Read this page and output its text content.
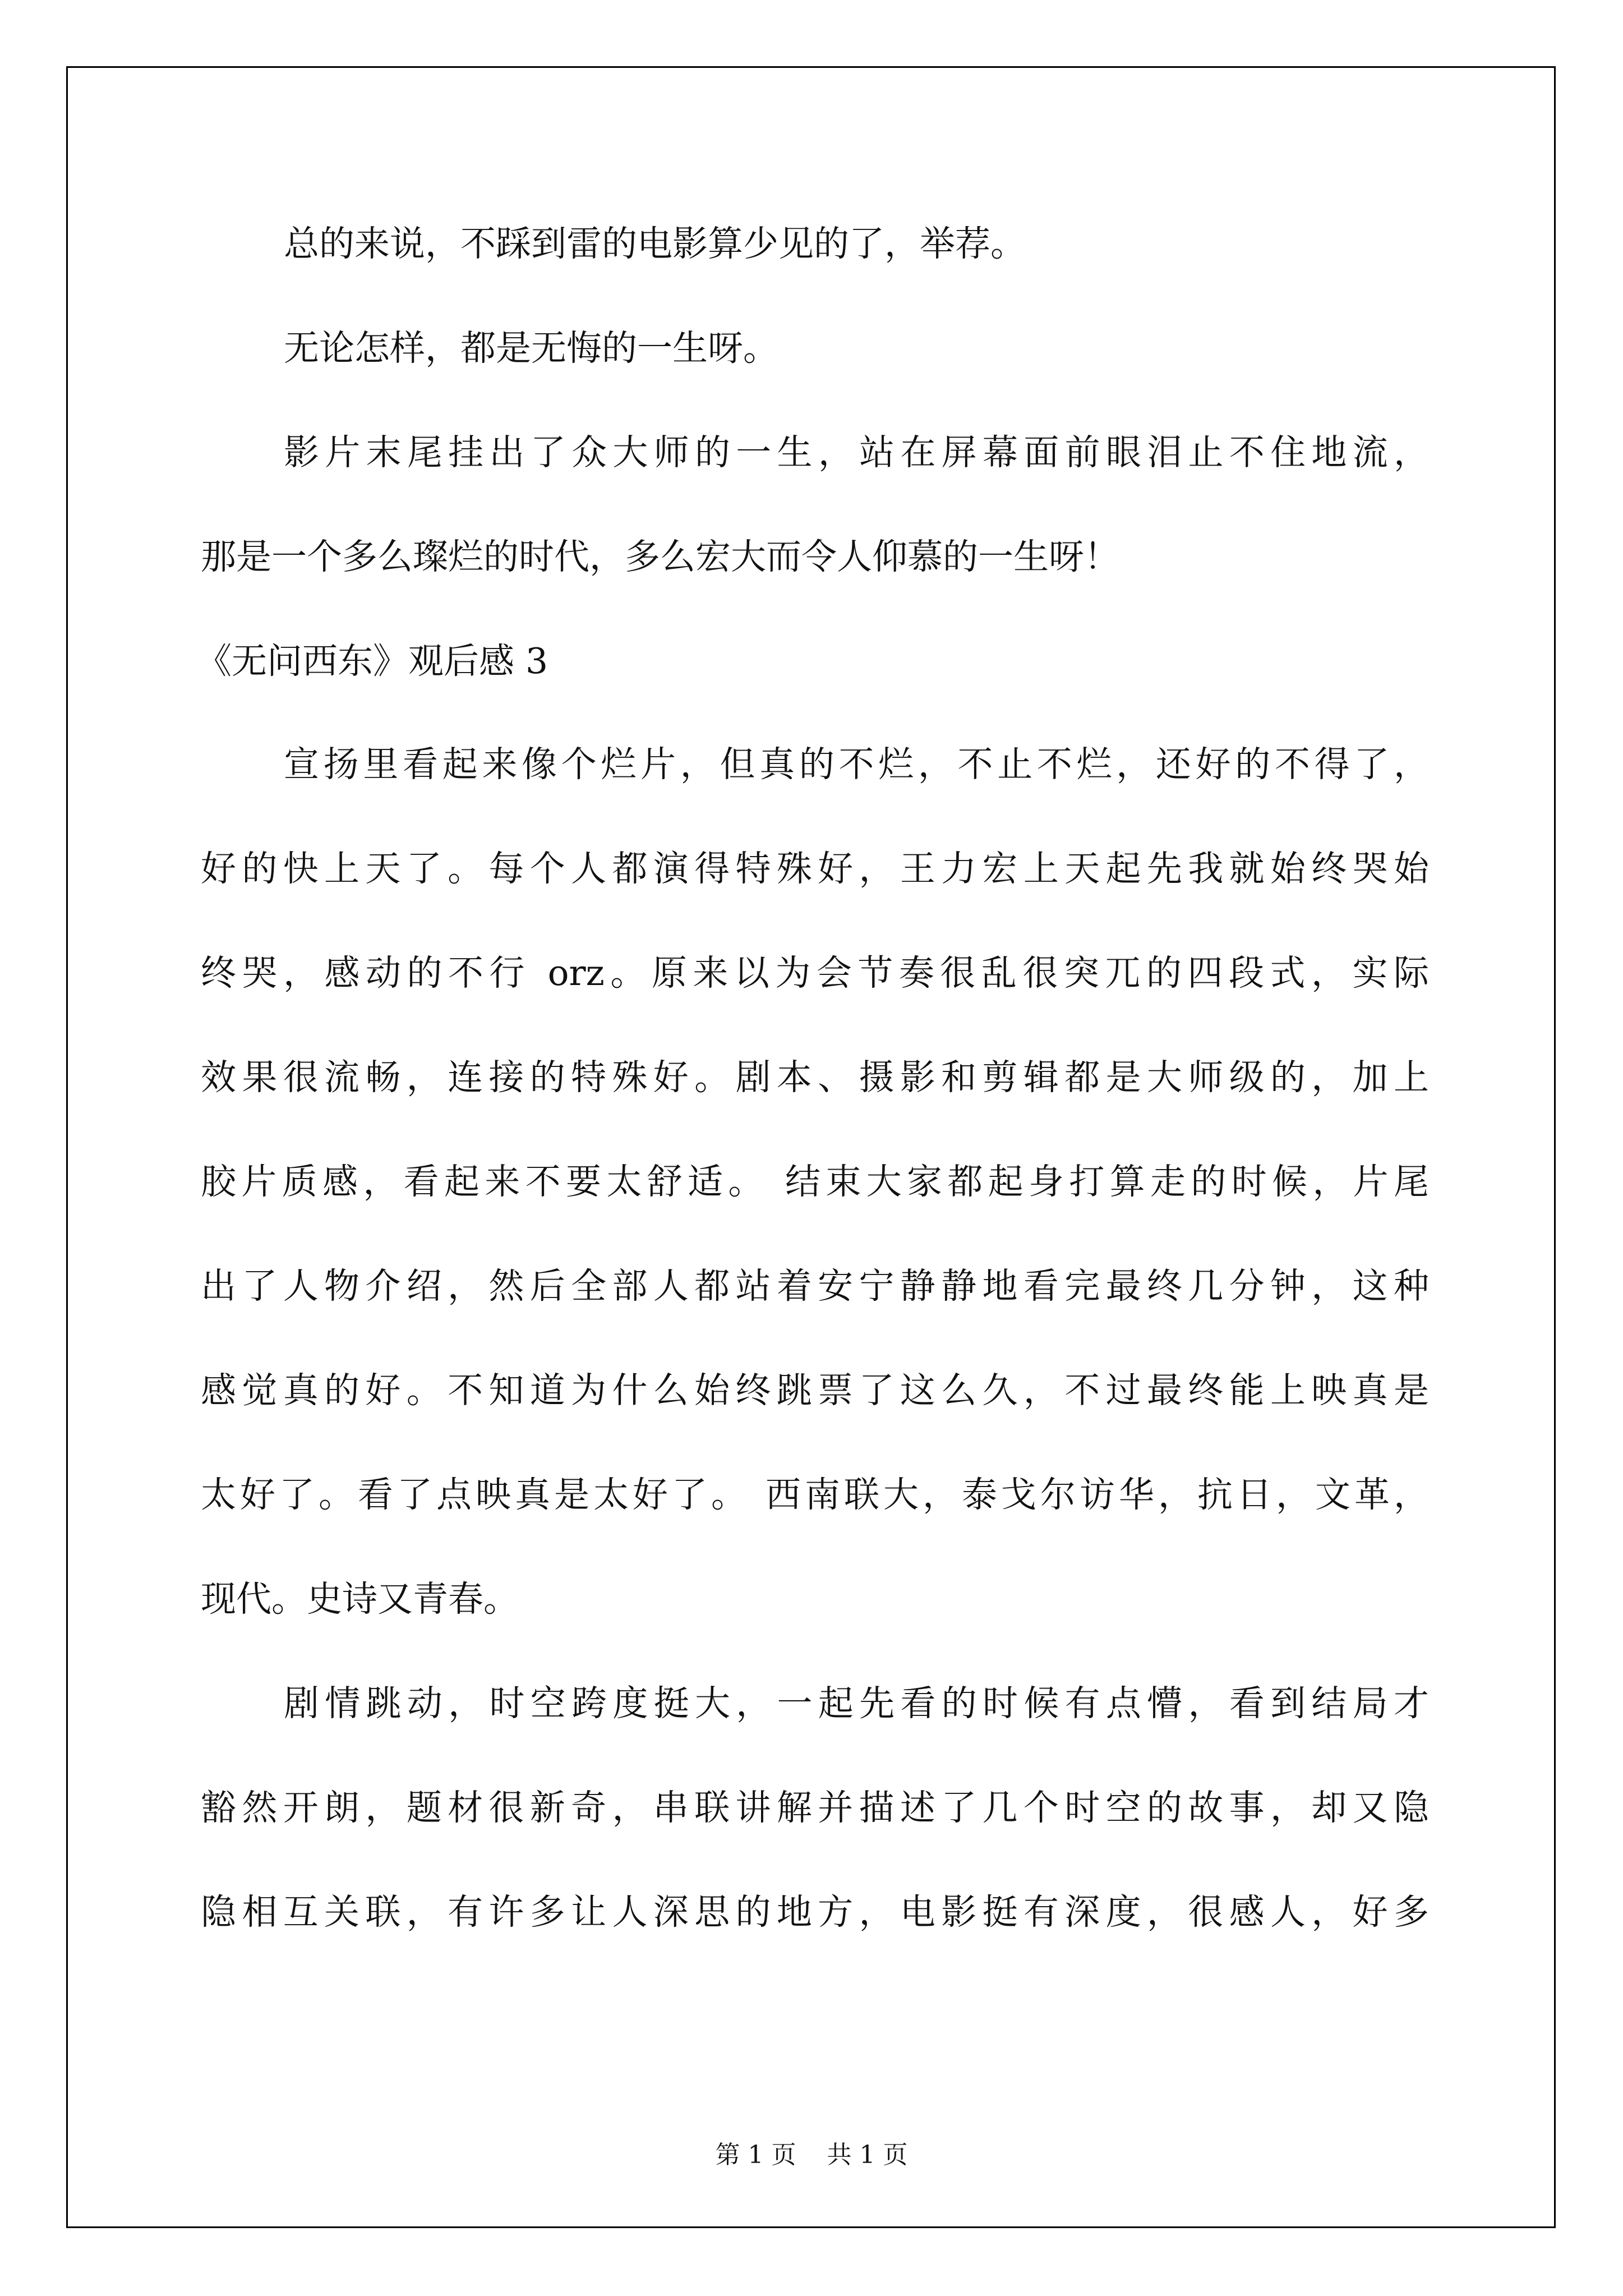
总的来说，不踩到雷的电影算少见的了，举荐。
无论怎样，都是无悔的一生呀。
影片末尾挂出了众大师的一生，站在屏幕面前眼泪止不住地流，
那是一个多么璨烂的时代，多么宏大而令人仰慕的一生呀！
《无问西东》观后感 3
宣扬里看起来像个烂片，但真的不烂，不止不烂，还好的不得了，
好的快上天了。每个人都演得特殊好，王力宏上天起先我就始终哭始
终哭，感动的不行 orz。原来以为会节奏很乱很突兀的四段式，实际
效果很流畅，连接的特殊好。剧本、摄影和剪辑都是大师级的，加上
胶片质感，看起来不要太舒适。 结束大家都起身打算走的时候，片尾
出了人物介绍，然后全部人都站着安宁静静地看完最终几分钟，这种
感觉真的好。不知道为什么始终跳票了这么久，不过最终能上映真是
太好了。看了点映真是太好了。 西南联大，泰戈尔访华，抗日，文革，
现代。史诗又青春。
剧情跳动，时空跨度挺大，一起先看的时候有点懵，看到结局才
豁然开朗，题材很新奇，串联讲解并描述了几个时空的故事，却又隐
隐相互关联，有许多让人深思的地方，电影挺有深度，很感人，好多
第 1 页 共 1 页
